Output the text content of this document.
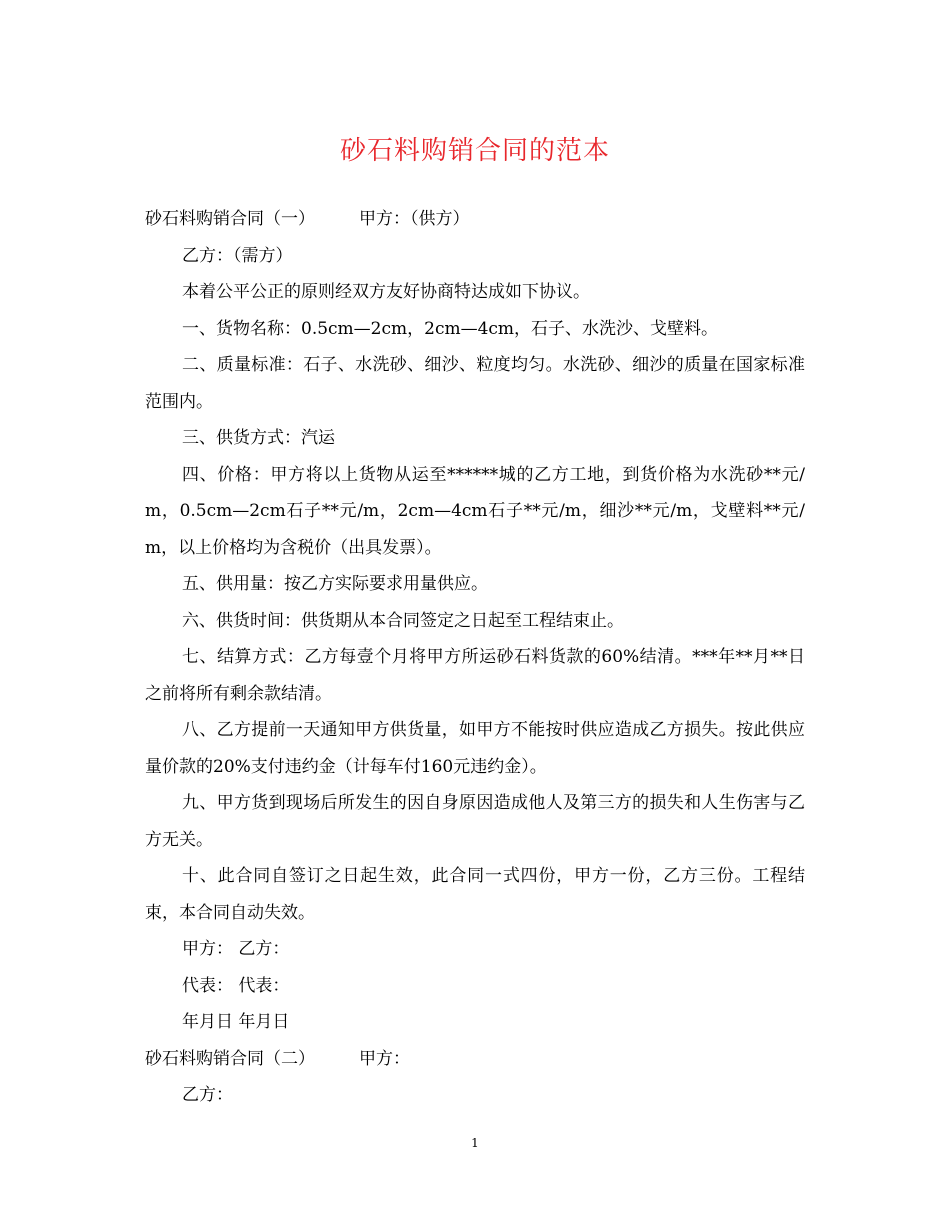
砂石料购销合同的范本

砂石料购销合同（一）	甲方：（供方）

乙方：（需方）

本着公平公正的原则经双方友好协商特达成如下协议。

一、货物名称：0.5cm—2cm，2cm—4cm，石子、水洗沙、戈壁料。

二、质量标准：石子、水洗砂、细沙、粒度均匀。水洗砂、细沙的质量在国家标准范围内。

三、供货方式：汽运

四、价格：甲方将以上货物从运至******城的乙方工地，到货价格为水洗砂**元/m，0.5cm—2cm石子**元/m，2cm—4cm石子**元/m，细沙**元/m，戈壁料**元/m，以上价格均为含税价（出具发票）。

五、供用量：按乙方实际要求用量供应。

六、供货时间：供货期从本合同签定之日起至工程结束止。

七、结算方式：乙方每壹个月将甲方所运砂石料货款的60%结清。***年**月**日之前将所有剩余款结清。

八、乙方提前一天通知甲方供货量，如甲方不能按时供应造成乙方损失。按此供应量价款的20%支付违约金（计每车付160元违约金）。

九、甲方货到现场后所发生的因自身原因造成他人及第三方的损失和人生伤害与乙方无关。

十、此合同自签订之日起生效，此合同一式四份，甲方一份，乙方三份。工程结束，本合同自动失效。

甲方： 乙方：

代表： 代表：

年月日 年月日

砂石料购销合同（二）	甲方：

乙方：

1
